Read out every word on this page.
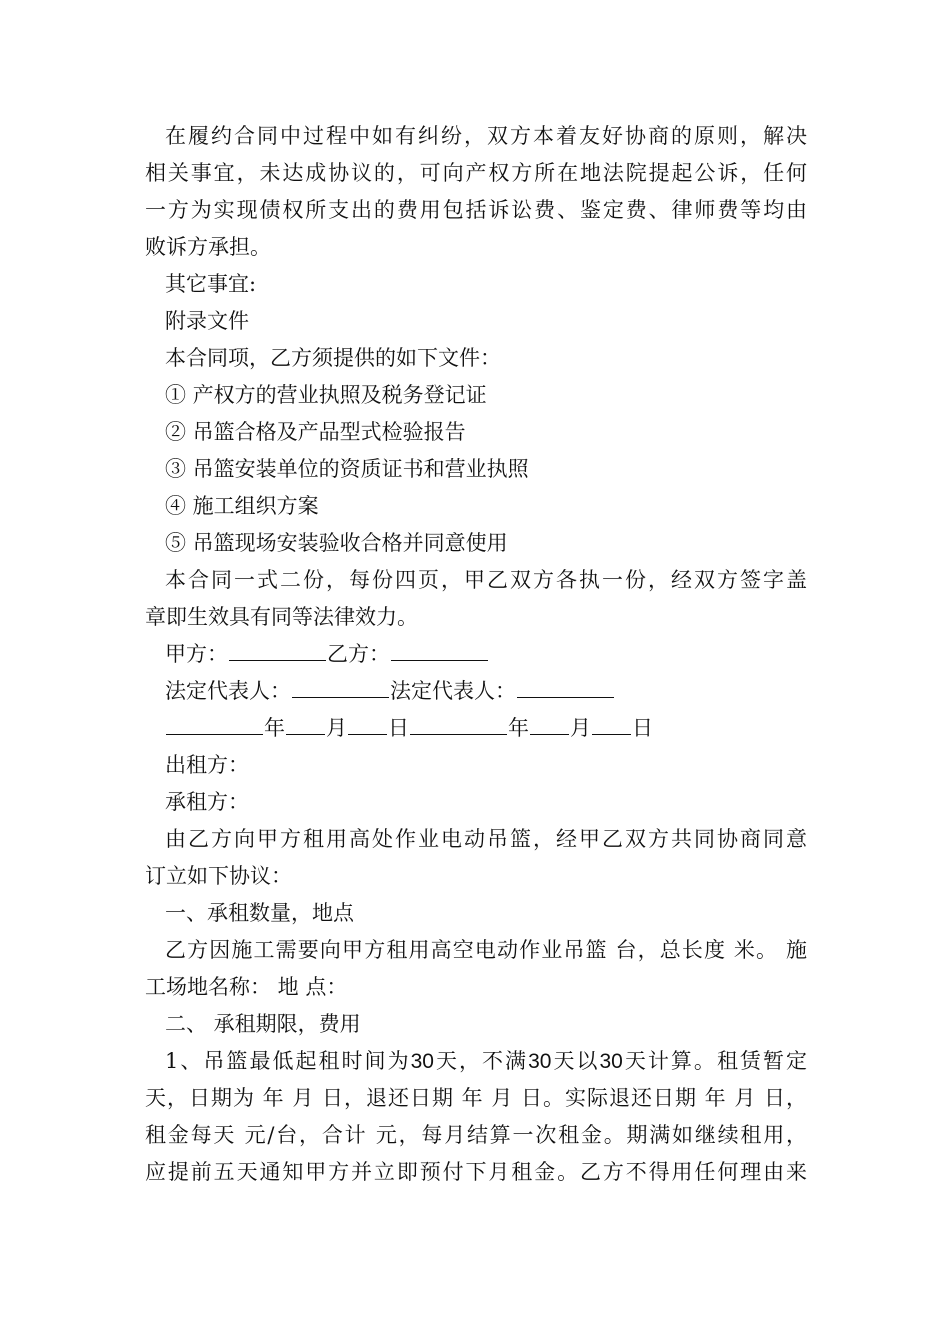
在履约合同中过程中如有纠纷，双方本着友好协商的原则，解决
相关事宜，未达成协议的，可向产权方所在地法院提起公诉，任何
一方为实现债权所支出的费用包括诉讼费、鉴定费、律师费等均由
败诉方承担。
其它事宜:
附录文件
本合同项，乙方须提供的如下文件：
① 产权方的营业执照及税务登记证
② 吊篮合格及产品型式检验报告
③ 吊篮安装单位的资质证书和营业执照
④ 施工组织方案
⑤ 吊篮现场安装验收合格并同意使用
本合同一式二份，每份四页，甲乙双方各执一份，经双方签字盖
章即生效具有同等法律效力。
甲方：	乙方：
法定代表人：	法定代表人：
年 月 日	年 月 日
出租方：
承租方：
由乙方向甲方租用高处作业电动吊篮，经甲乙双方共同协商同意
订立如下协议：
一、承租数量，地点
乙方因施工需要向甲方租用高空电动作业吊篮 台，总长度 米。 施
工场地名称： 地 点：
二、 承租期限，费用
1、吊篮最低起租时间为30天，不满30天以30天计算。租赁暂定
天，日期为 年 月 日，退还日期 年 月 日。实际退还日期 年 月 日，
租金每天 元/台，合计 元，每月结算一次租金。期满如继续租用，
应提前五天通知甲方并立即预付下月租金。乙方不得用任何理由来
